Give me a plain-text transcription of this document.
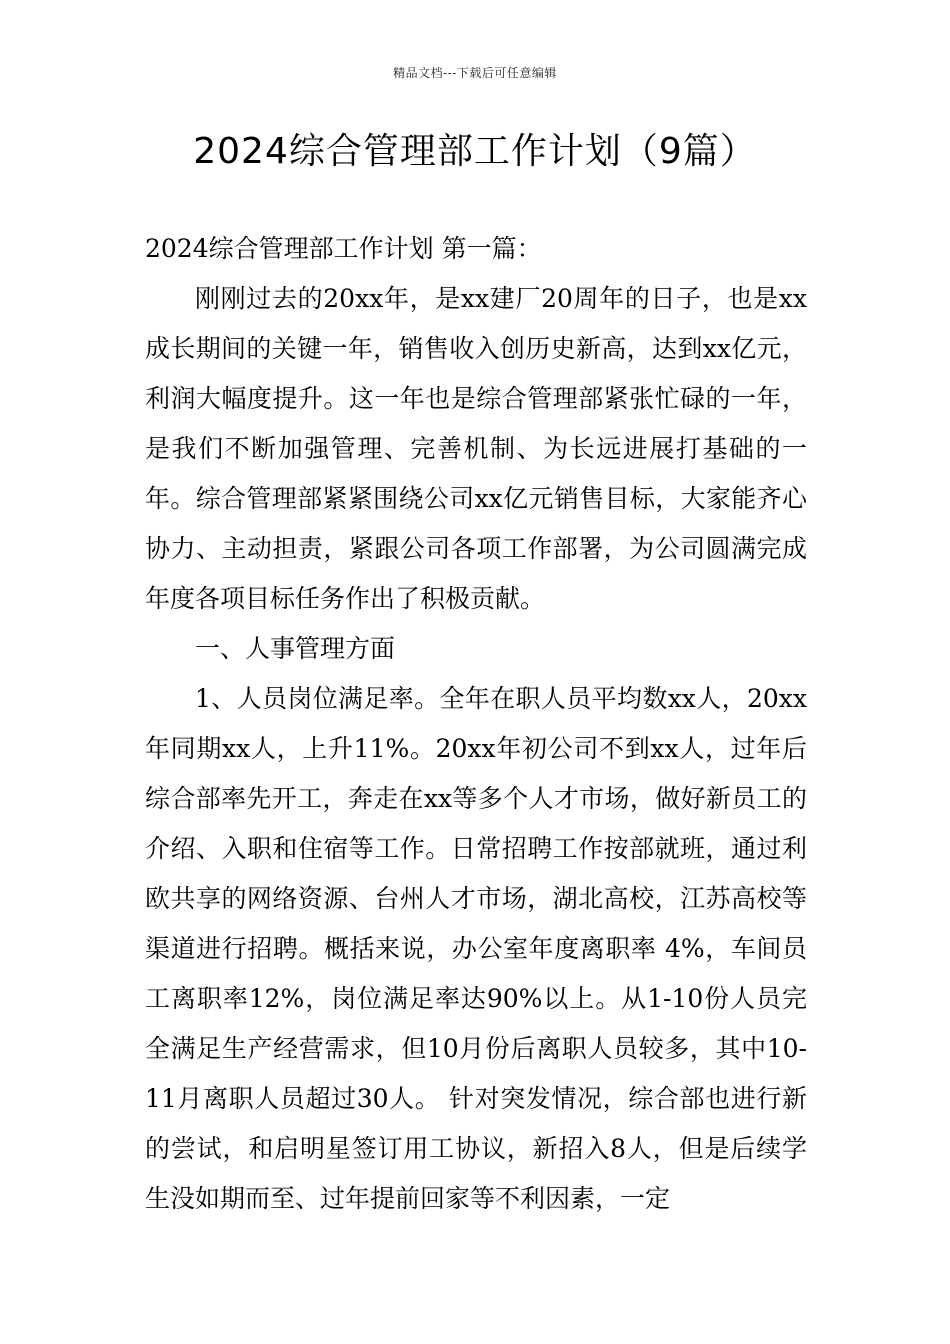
精品文档---下载后可任意编辑
2024综合管理部工作计划（9篇）

2024综合管理部工作计划 第一篇：

刚刚过去的20xx年，是xx建厂20周年的日子，也是xx成长期间的关键一年，销售收入创历史新高，达到xx亿元，利润大幅度提升。这一年也是综合管理部紧张忙碌的一年，是我们不断加强管理、完善机制、为长远进展打基础的一年。综合管理部紧紧围绕公司xx亿元销售目标，大家能齐心协力、主动担责，紧跟公司各项工作部署，为公司圆满完成年度各项目标任务作出了积极贡献。

一、人事管理方面

1、人员岗位满足率。全年在职人员平均数xx人，20xx年同期xx人，上升11%。20xx年初公司不到xx人，过年后综合部率先开工，奔走在xx等多个人才市场，做好新员工的介绍、入职和住宿等工作。日常招聘工作按部就班，通过利欧共享的网络资源、台州人才市场，湖北高校，江苏高校等渠道进行招聘。概括来说，办公室年度离职率 4%，车间员工离职率12%，岗位满足率达90%以上。从1-10份人员完全满足生产经营需求，但10月份后离职人员较多，其中10-11月离职人员超过30人。 针对突发情况，综合部也进行新的尝试，和启明星签订用工协议，新招入8人，但是后续学生没如期而至、过年提前回家等不利因素，一定
